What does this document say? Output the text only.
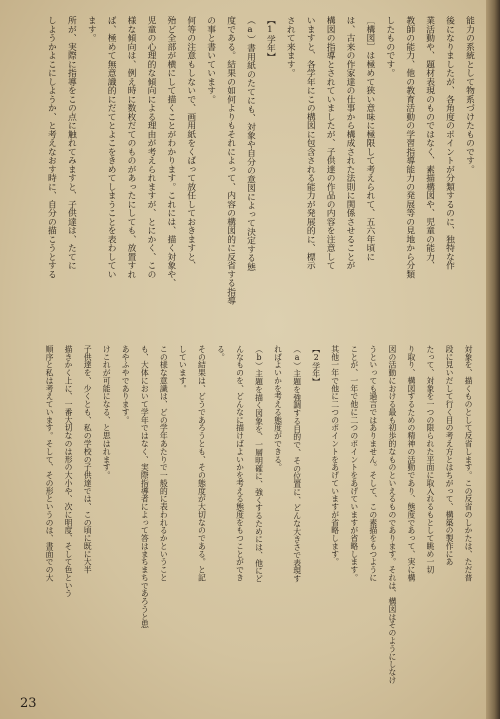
能力の系統として物系づけたものです。
後になりましたが、各角度のポイントが分類するのに、独特な作
業活動や、題材表現のものではなく、素描構図や、児童の能力、
教師の能力、他の教育活動の学習指導能力の発展等の見地から分類
したものです。
〔構図〕は極めて狭い意味に極限して考えられて、五六年頃に
は、古来の作家達の仕事から構成された法則に関係させることが
構図の指導とされていましたが、子供達の作品の内容を注意して
いますと、各学年にこの構図に包含される能力が発展的に、標示
されて来ます。
【1学年】
（a）書用紙のたてにも、対象や自分の意図によって決定する態
度である。結果の如何よりもそれによって、内容の構図的に反省する指導
の事と書いています。
何等の注意もしないで、画用紙をくばって放任しておきますと、
殆ど全部が横にして描くことがわかります。これには、描く対象や、
児童の心理的な傾向による理由が考えられますが、とにかく、この
様な傾向は、例え時に数枚だてのものがあったにしても、放置すれ
ば、極めて無意識的にだてとよこをきめてしまうことを表わしてい
ます。
所が、実際に指導をこの点に触れてみますと、子供達は、たてに
しようかよこにしようか、と考えなおす時に、自分の描こうとする
対象を、描くものとして反省します。この反省のしかたは、ただ普
段に見いだして行く目の考え方とはちがって、構築の製作にあ
たって、対象を一つの限られた平面に取入れるもとして眺め一切
り取り、構図するための精神の活動であり、態度であって、実に構
図の活動における最も初歩的なものといえるものであります。それは、構図はそのようにしなけ
うといっても過言ではありません。そして、この素描をもつように
ことが、一年で他に二つのポイントをあげていますが省略します。
其他一年で他に二つのポイントをあげていますが省略します。
【2学年】
（a）主題を強調する目的で、その位置に、どんな大きさで表現す
ればよいかを考える態度ができる。
（b）主題を描く図象を、一層明確に、強くするためには、他にど
んなものを、どんなに描けばよいかを考える態度をもつことができ
る。
その結果は、どうであろうとも、その態度が大切なのである。と記
しています。
この様な意識は、どの学年あたりで一般的に表われるかということ
も、大体において学年ではなく、実際指導者によって答はまちまちであろうと思
あやふやであります。
けこれが可能になる、と思はれます。
子供達を、少くとも、私の学校の子供達では、この頃に既に大半
描きかく上に、一番大切なのは形の大小や、次に明度、そして色という
順序と私は考えています。そして、その形というのは、書面での大
23
